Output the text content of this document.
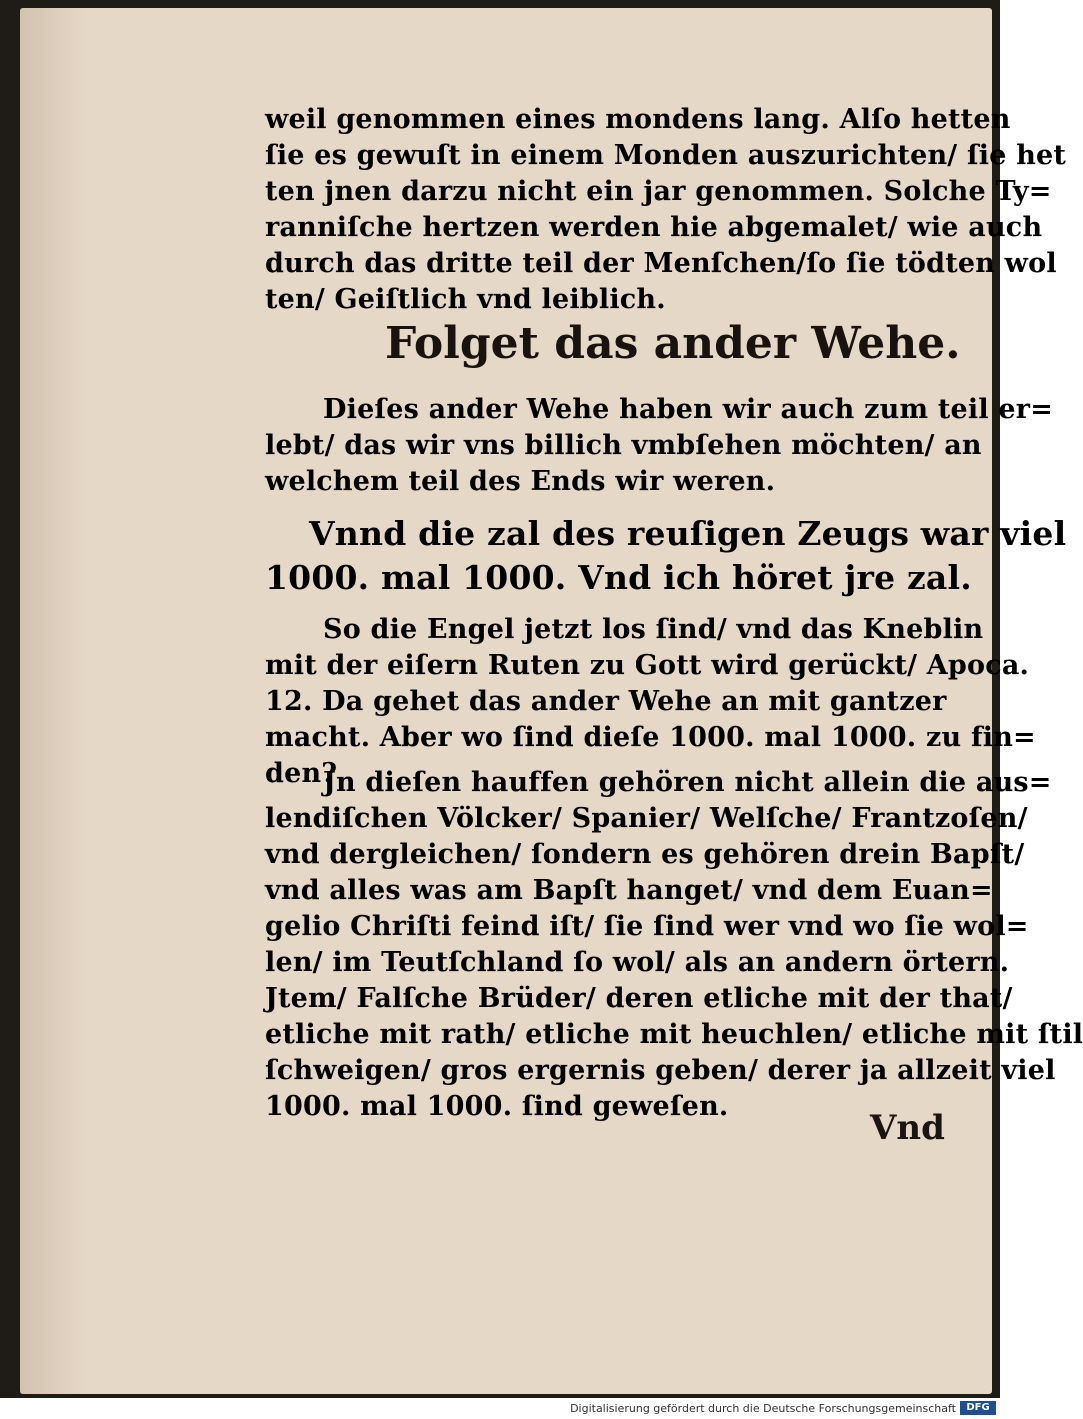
weil genommen eines mondens lang. Alſo hetten
ſie es gewuſt in einem Monden auszurichten/ ſie het
ten jnen darzu nicht ein jar genommen. Solche Ty=
ranniſche hertzen werden hie abgemalet/ wie auch
durch das dritte teil der Menſchen/ſo ſie tödten wol
ten/ Geiſtlich vnd leiblich.
Folget das ander Wehe.
Dieſes ander Wehe haben wir auch zum teil er=
lebt/ das wir vns billich vmbſehen möchten/ an
welchem teil des Ends wir weren.
Vnnd die zal des reuſigen Zeugs war viel
1000. mal 1000. Vnd ich höret jre zal.
So die Engel jetzt los ſind/ vnd das Kneblin
mit der eiſern Ruten zu Gott wird gerückt/ Apoca.
12. Da gehet das ander Wehe an mit gantzer
macht. Aber wo ſind dieſe 1000. mal 1000. zu fin=
den?
Jn dieſen hauffen gehören nicht allein die aus=
lendiſchen Völcker/ Spanier/ Welſche/ Frantzoſen/
vnd dergleichen/ ſondern es gehören drein Bapſt/
vnd alles was am Bapſt hanget/ vnd dem Euan=
gelio Chriſti feind iſt/ ſie ſind wer vnd wo ſie wol=
len/ im Teutſchland ſo wol/ als an andern örtern.
Jtem/ Falſche Brüder/ deren etliche mit der that/
etliche mit rath/ etliche mit heuchlen/ etliche mit ſtil
ſchweigen/ gros ergernis geben/ derer ja allzeit viel
1000. mal 1000. ſind geweſen.
Vnd
Digitalisierung gefördert durch die Deutsche Forschungsgemeinschaft	DFG
